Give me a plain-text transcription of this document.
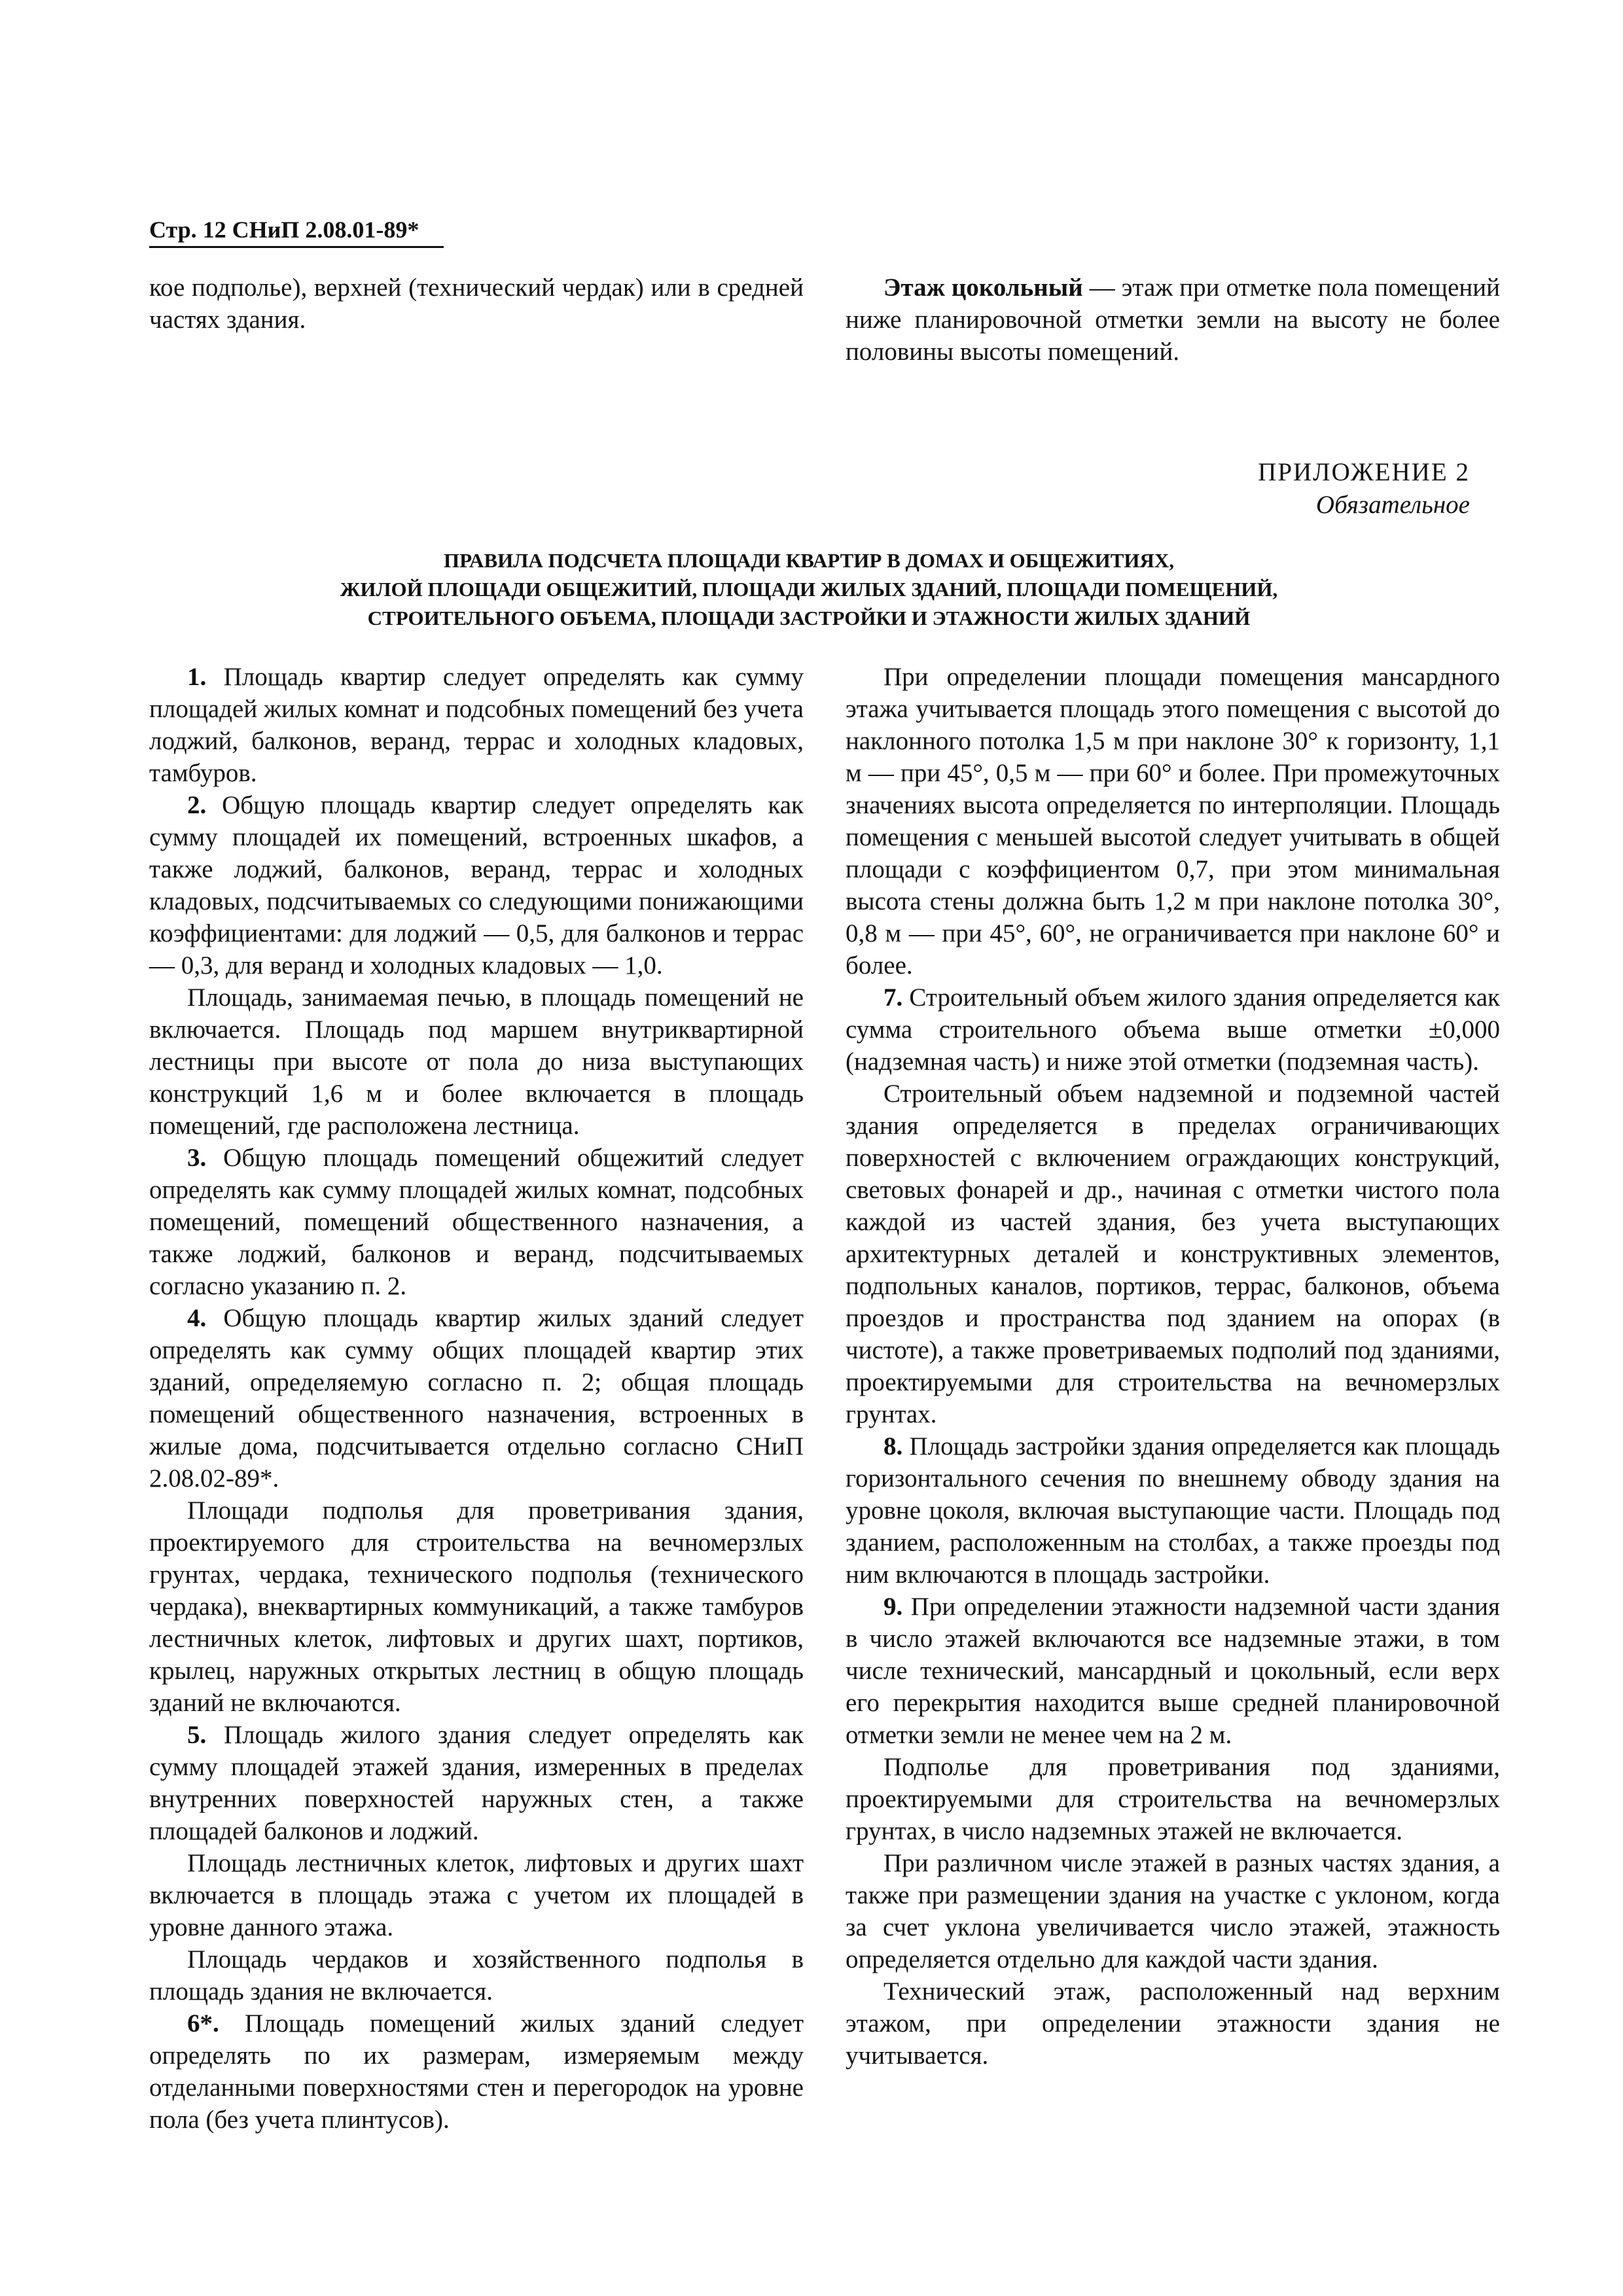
Стр. 12 СНиП 2.08.01-89*

кое подполье), верхней (технический чердак) или в средней частях здания.

Этаж цокольный — этаж при отметке пола помещений ниже планировочной отметки земли на высоту не более половины высоты помещений.

ПРИЛОЖЕНИЕ 2
Обязательное
ПРАВИЛА ПОДСЧЕТА ПЛОЩАДИ КВАРТИР В ДОМАХ И ОБЩЕЖИТИЯХ,
ЖИЛОЙ ПЛОЩАДИ ОБЩЕЖИТИЙ, ПЛОЩАДИ ЖИЛЫХ ЗДАНИЙ, ПЛОЩАДИ ПОМЕЩЕНИЙ,
СТРОИТЕЛЬНОГО ОБЪЕМА, ПЛОЩАДИ ЗАСТРОЙКИ И ЭТАЖНОСТИ ЖИЛЫХ ЗДАНИЙ

1. Площадь квартир следует определять как сумму площадей жилых комнат и подсобных помещений без учета лоджий, балконов, веранд, террас и холодных кладовых, тамбуров.

2. Общую площадь квартир следует определять как сумму площадей их помещений, встроенных шкафов, а также лоджий, балконов, веранд, террас и холодных кладовых, подсчитываемых со следующими понижающими коэффициентами: для лоджий — 0,5, для балконов и террас — 0,3, для веранд и холодных кладовых — 1,0.

Площадь, занимаемая печью, в площадь помещений не включается. Площадь под маршем внутриквартирной лестницы при высоте от пола до низа выступающих конструкций 1,6 м и более включается в площадь помещений, где расположена лестница.

3. Общую площадь помещений общежитий следует определять как сумму площадей жилых комнат, подсобных помещений, помещений общественного назначения, а также лоджий, балконов и веранд, подсчитываемых согласно указанию п. 2.

4. Общую площадь квартир жилых зданий следует определять как сумму общих площадей квартир этих зданий, определяемую согласно п. 2; общая площадь помещений общественного назначения, встроенных в жилые дома, подсчитывается отдельно согласно СНиП 2.08.02-89*.

Площади подполья для проветривания здания, проектируемого для строительства на вечномерзлых грунтах, чердака, технического подполья (технического чердака), внеквартирных коммуникаций, а также тамбуров лестничных клеток, лифтовых и других шахт, портиков, крылец, наружных открытых лестниц в общую площадь зданий не включаются.

5. Площадь жилого здания следует определять как сумму площадей этажей здания, измеренных в пределах внутренних поверхностей наружных стен, а также площадей балконов и лоджий.

Площадь лестничных клеток, лифтовых и других шахт включается в площадь этажа с учетом их площадей в уровне данного этажа.

Площадь чердаков и хозяйственного подполья в площадь здания не включается.

6*. Площадь помещений жилых зданий следует определять по их размерам, измеряемым между отделанными поверхностями стен и перегородок на уровне пола (без учета плинтусов).

При определении площади помещения мансардного этажа учитывается площадь этого помещения с высотой до наклонного потолка 1,5 м при наклоне 30° к горизонту, 1,1 м — при 45°, 0,5 м — при 60° и более. При промежуточных значениях высота определяется по интерполяции. Площадь помещения с меньшей высотой следует учитывать в общей площади с коэффициентом 0,7, при этом минимальная высота стены должна быть 1,2 м при наклоне потолка 30°, 0,8 м — при 45°, 60°, не ограничивается при наклоне 60° и более.

7. Строительный объем жилого здания определяется как сумма строительного объема выше отметки ±0,000 (надземная часть) и ниже этой отметки (подземная часть).

Строительный объем надземной и подземной частей здания определяется в пределах ограничивающих поверхностей с включением ограждающих конструкций, световых фонарей и др., начиная с отметки чистого пола каждой из частей здания, без учета выступающих архитектурных деталей и конструктивных элементов, подпольных каналов, портиков, террас, балконов, объема проездов и пространства под зданием на опорах (в чистоте), а также проветриваемых подполий под зданиями, проектируемыми для строительства на вечномерзлых грунтах.

8. Площадь застройки здания определяется как площадь горизонтального сечения по внешнему обводу здания на уровне цоколя, включая выступающие части. Площадь под зданием, расположенным на столбах, а также проезды под ним включаются в площадь застройки.

9. При определении этажности надземной части здания в число этажей включаются все надземные этажи, в том числе технический, мансардный и цокольный, если верх его перекрытия находится выше средней планировочной отметки земли не менее чем на 2 м.

Подполье для проветривания под зданиями, проектируемыми для строительства на вечномерзлых грунтах, в число надземных этажей не включается.

При различном числе этажей в разных частях здания, а также при размещении здания на участке с уклоном, когда за счет уклона увеличивается число этажей, этажность определяется отдельно для каждой части здания.

Технический этаж, расположенный над верхним этажом, при определении этажности здания не учитывается.
